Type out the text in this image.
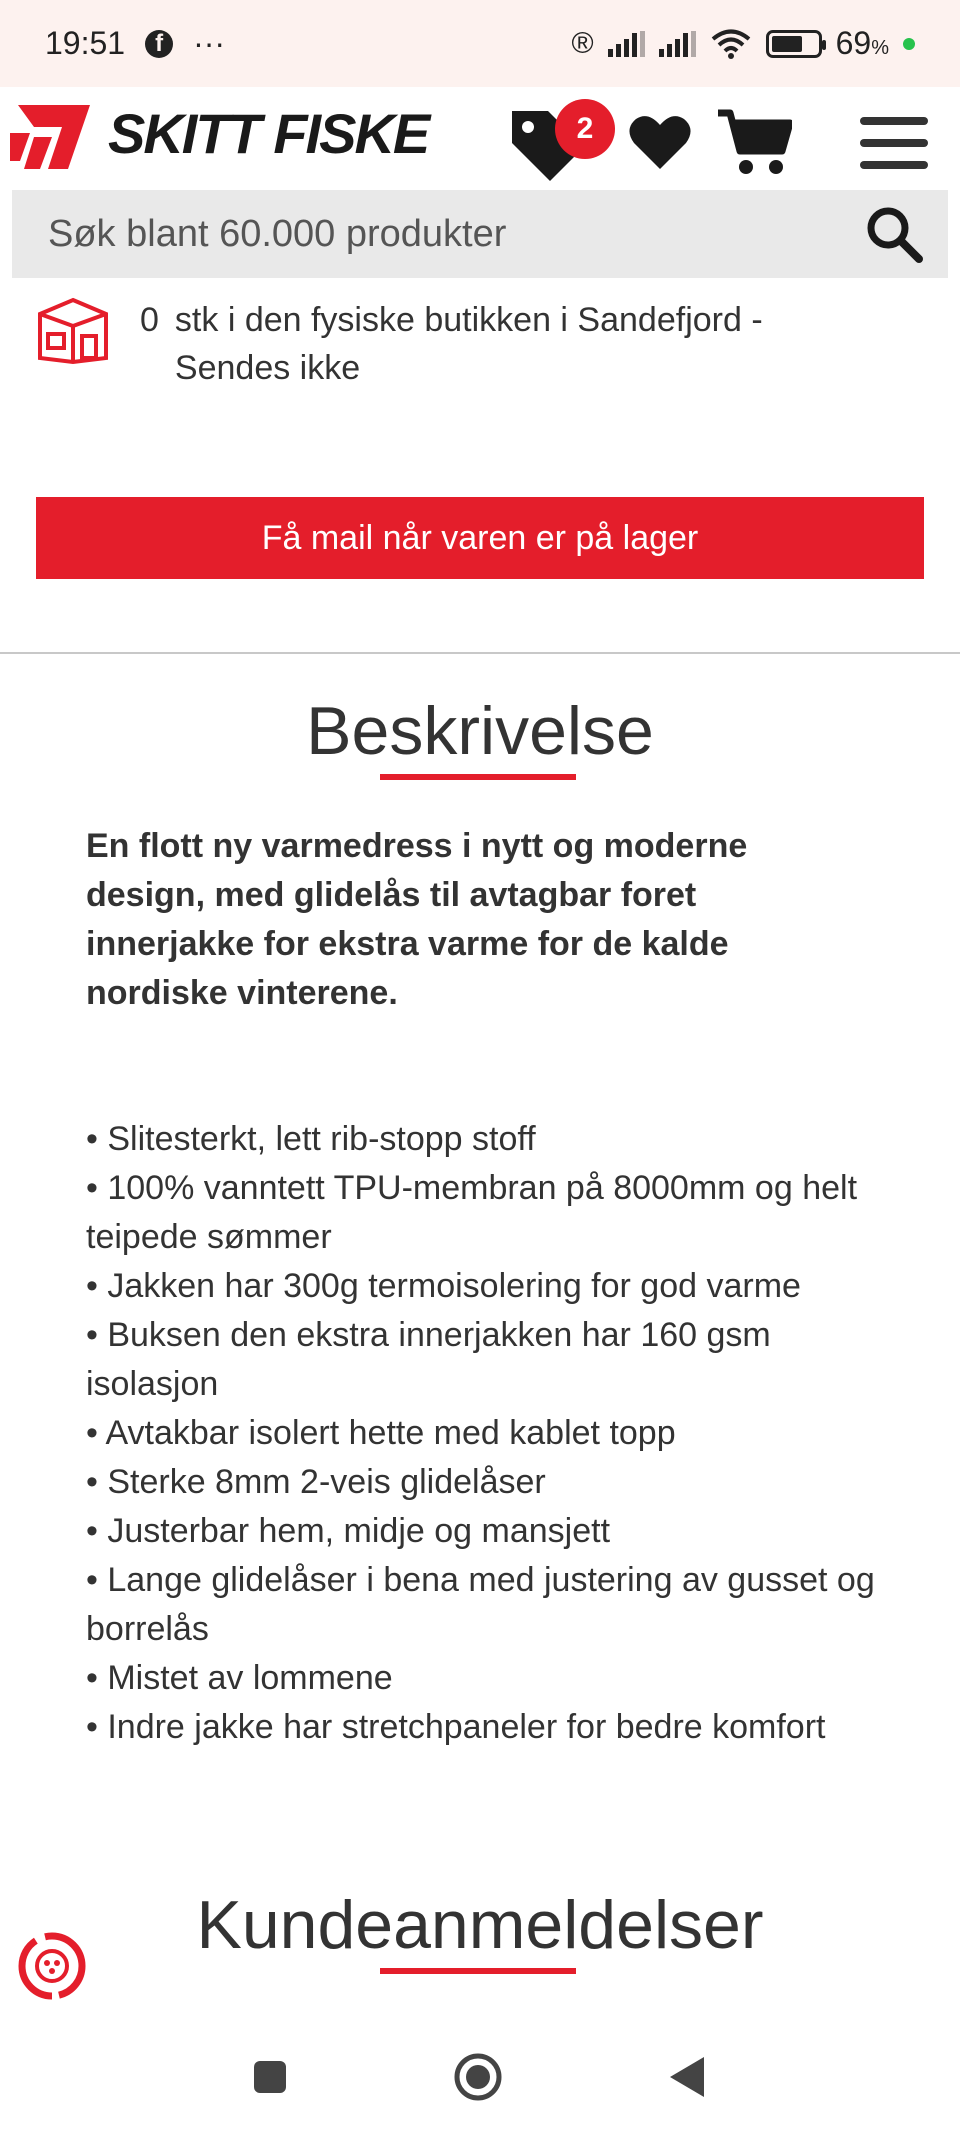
19:51	f ···	®	69%
SKITT FISKE	2
Søk blant 60.000 produkter
0 stk i den fysiske butikken i Sandefjord - Sendes ikke
Få mail når varen er på lager
Beskrivelse

En flott ny varmedress i nytt og moderne design, med glidelås til avtagbar foret innerjakke for ekstra varme for de kalde nordiske vinterene.

• Slitesterkt, lett rib-stopp stoff
• 100% vanntett TPU-membran på 8000mm og helt teipede sømmer
• Jakken har 300g termoisolering for god varme
• Buksen den ekstra innerjakken har 160 gsm isolasjon
• Avtakbar isolert hette med kablet topp
• Sterke 8mm 2-veis glidelåser
• Justerbar hem, midje og mansjett
• Lange glidelåser i bena med justering av gusset og borrelås
• Mistet av lommene
• Indre jakke har stretchpaneler for bedre komfort
Kundeanmeldelser
